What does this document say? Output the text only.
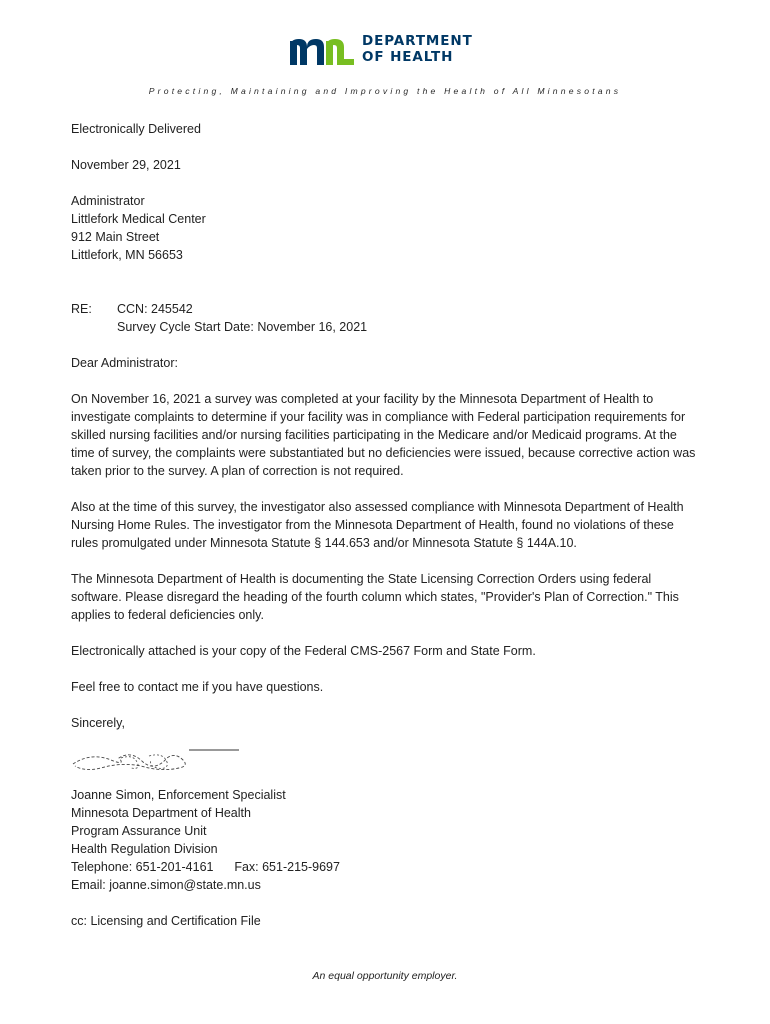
DEPARTMENT
OF HEALTH
Protecting, Maintaining and Improving the Health of All Minnesotans
Electronically Delivered
November 29, 2021
Administrator
Littlefork Medical Center
912 Main Street
Littlefork, MN 56653
RE:	CCN: 245542
Survey Cycle Start Date: November 16, 2021
Dear Administrator:
On November 16, 2021 a survey was completed at your facility by the Minnesota Department of Health to investigate complaints to determine if your facility was in compliance with Federal participation requirements for skilled nursing facilities and/or nursing facilities participating in the Medicare and/or Medicaid programs. At the time of survey, the complaints were substantiated but no deficiencies were issued, because corrective action was taken prior to the survey. A plan of correction is not required.
Also at the time of this survey, the investigator also assessed compliance with Minnesota Department of Health Nursing Home Rules. The investigator from the Minnesota Department of Health, found no violations of these rules promulgated under Minnesota Statute § 144.653 and/or Minnesota Statute § 144A.10.
The Minnesota Department of Health is documenting the State Licensing Correction Orders using federal software. Please disregard the heading of the fourth column which states, "Provider's Plan of Correction." This applies to federal deficiencies only.
Electronically attached is your copy of the Federal CMS-2567 Form and State Form.
Feel free to contact me if you have questions.
Sincerely,
Joanne Simon, Enforcement Specialist
Minnesota Department of Health
Program Assurance Unit
Health Regulation Division
Telephone: 651-201-4161      Fax: 651-215-9697
Email: joanne.simon@state.mn.us
cc: Licensing and Certification File
An equal opportunity employer.
